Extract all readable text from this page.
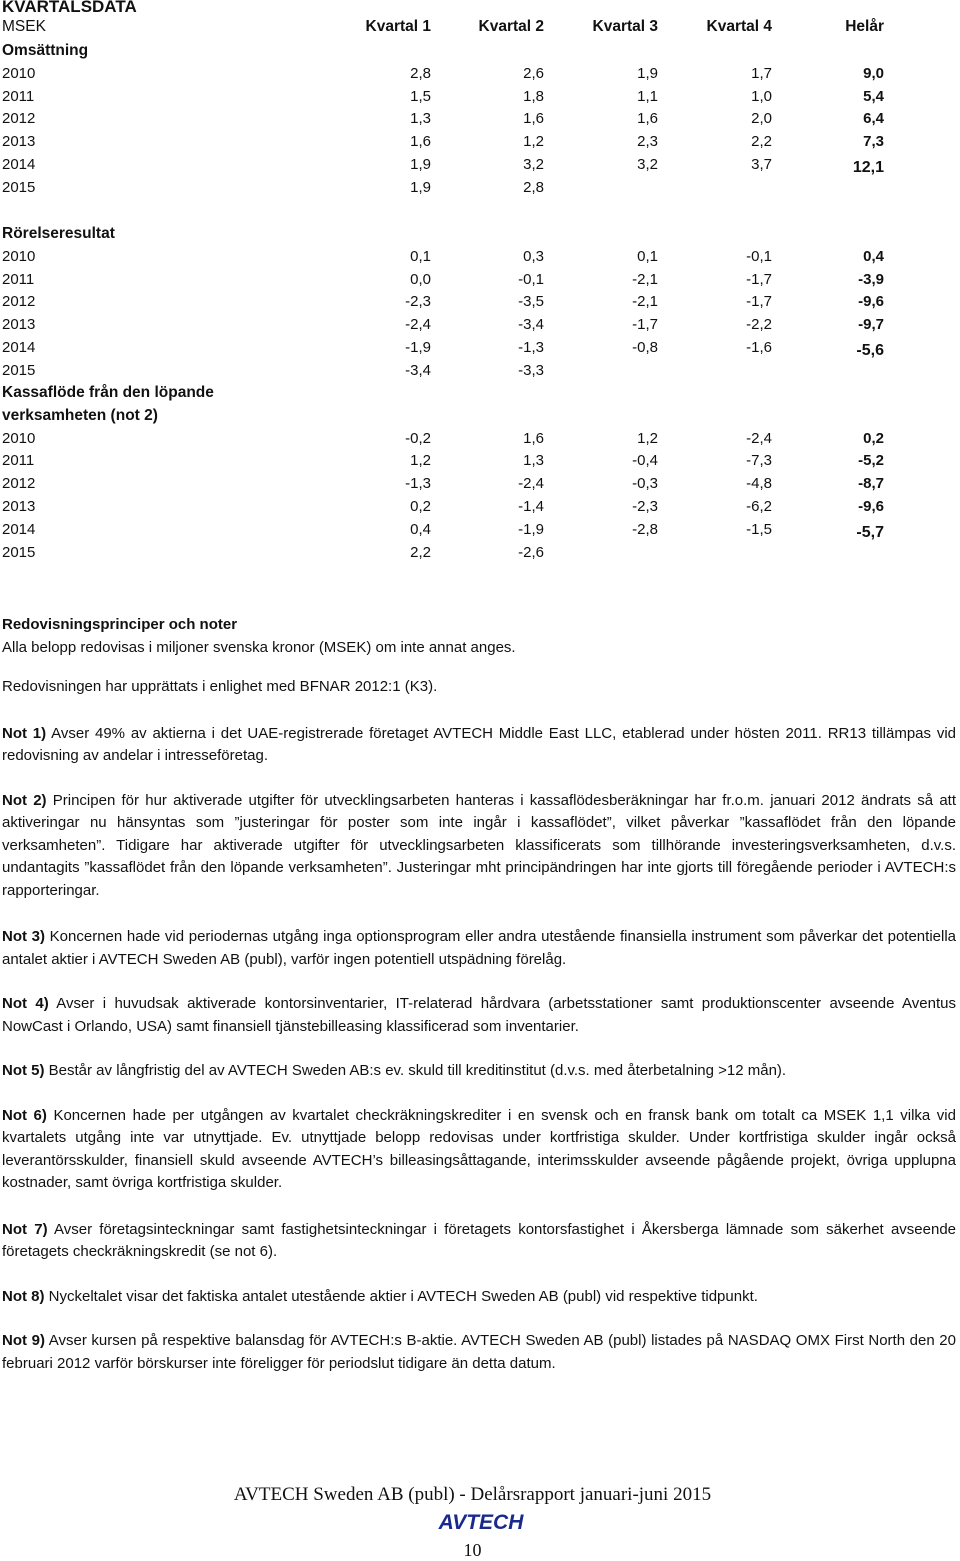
KVARTALSDATA
MSEK	Kvartal 1	Kvartal 2	Kvartal 3	Kvartal 4	Helår
Omsättning
2010	2,8	2,6	1,9	1,7	9,0
2011	1,5	1,8	1,1	1,0	5,4
2012	1,3	1,6	1,6	2,0	6,4
2013	1,6	1,2	2,3	2,2	7,3
2014	1,9	3,2	3,2	3,7	12,1
2015	1,9	2,8
Rörelseresultat
2010	0,1	0,3	0,1	-0,1	0,4
2011	0,0	-0,1	-2,1	-1,7	-3,9
2012	-2,3	-3,5	-2,1	-1,7	-9,6
2013	-2,4	-3,4	-1,7	-2,2	-9,7
2014	-1,9	-1,3	-0,8	-1,6	-5,6
2015	-3,4	-3,3
Kassaflöde från den löpande
verksamheten (not 2)
2010	-0,2	1,6	1,2	-2,4	0,2
2011	1,2	1,3	-0,4	-7,3	-5,2
2012	-1,3	-2,4	-0,3	-4,8	-8,7
2013	0,2	-1,4	-2,3	-6,2	-9,6
2014	0,4	-1,9	-2,8	-1,5	-5,7
2015	2,2	-2,6

Redovisningsprinciper och noter

Alla belopp redovisas i miljoner svenska kronor (MSEK) om inte annat anges.

Redovisningen har upprättats i enlighet med BFNAR 2012:1 (K3).

Not 1) Avser 49% av aktierna i det UAE-registrerade företaget AVTECH Middle East LLC, etablerad under hösten 2011. RR13 tillämpas vid redovisning av andelar i intresseföretag.

Not 2) Principen för hur aktiverade utgifter för utvecklingsarbeten hanteras i kassaflödesberäkningar har fr.o.m. januari 2012 ändrats så att aktiveringar nu hänsyntas som ”justeringar för poster som inte ingår i kassaflödet”, vilket påverkar ”kassaflödet från den löpande verksamheten”. Tidigare har aktiverade utgifter för utvecklingsarbeten klassificerats som tillhörande investeringsverksamheten, d.v.s. undantagits ”kassaflödet från den löpande verksamheten”. Justeringar mht principändringen har inte gjorts till föregående perioder i AVTECH:s rapporteringar.

Not 3) Koncernen hade vid periodernas utgång inga optionsprogram eller andra utestående finansiella instrument som påverkar det potentiella antalet aktier i AVTECH Sweden AB (publ), varför ingen potentiell utspädning förelåg.

Not 4) Avser i huvudsak aktiverade kontorsinventarier, IT-relaterad hårdvara (arbetsstationer samt produktionscenter avseende Aventus NowCast i Orlando, USA) samt finansiell tjänstebilleasing klassificerad som inventarier.

Not 5) Består av långfristig del av AVTECH Sweden AB:s ev. skuld till kreditinstitut (d.v.s. med återbetalning >12 mån).

Not 6) Koncernen hade per utgången av kvartalet checkräkningskrediter i en svensk och en fransk bank om totalt ca MSEK 1,1 vilka vid kvartalets utgång inte var utnyttjade. Ev. utnyttjade belopp redovisas under kortfristiga skulder. Under kortfristiga skulder ingår också leverantörsskulder, finansiell skuld avseende AVTECH’s billeasingsåttagande, interimsskulder avseende pågående projekt, övriga upplupna kostnader, samt övriga kortfristiga skulder.

Not 7) Avser företagsinteckningar samt fastighetsinteckningar i företagets kontorsfastighet i Åkersberga lämnade som säkerhet avseende företagets checkräkningskredit (se not 6).

Not 8) Nyckeltalet visar det faktiska antalet utestående aktier i AVTECH Sweden AB (publ) vid respektive tidpunkt.

Not 9) Avser kursen på respektive balansdag för AVTECH:s B-aktie. AVTECH Sweden AB (publ) listades på NASDAQ OMX First North den 20 februari 2012 varför börskurser inte föreligger för periodslut tidigare än detta datum.

AVTECH Sweden AB (publ) - Delårsrapport januari-juni 2015
AVTECH
10
